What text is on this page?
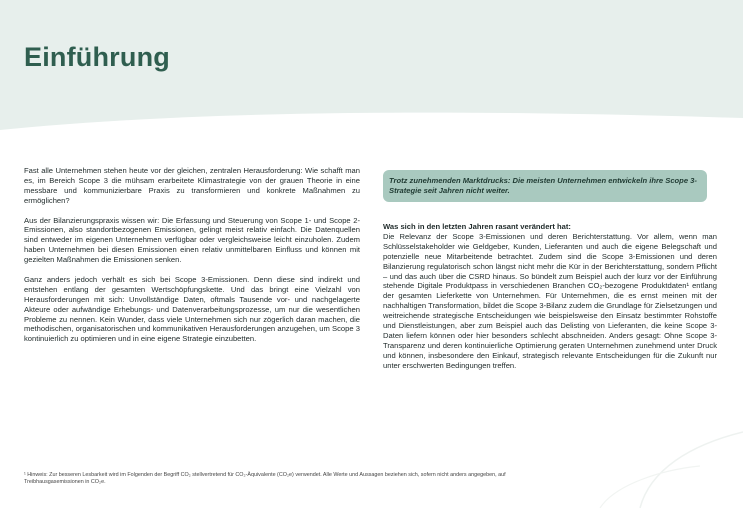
Einführung

Fast alle Unternehmen stehen heute vor der gleichen, zentralen Herausforderung: Wie schafft man es, im Bereich Scope 3 die mühsam erarbeitete Klimastrategie von der grauen Theorie in eine messbare und kommunizierbare Praxis zu transformieren und konkrete Maßnahmen zu ermöglichen?

Aus der Bilanzierungspraxis wissen wir: Die Erfassung und Steuerung von Scope 1- und Scope 2-Emissionen, also standortbezogenen Emissionen, gelingt meist relativ einfach. Die Datenquellen sind entweder im eigenen Unternehmen verfügbar oder vergleichsweise leicht einzuholen. Zudem haben Unternehmen bei diesen Emissionen einen relativ unmittelbaren Einfluss und können mit gezielten Maßnahmen die Emissionen senken.

Ganz anders jedoch verhält es sich bei Scope 3-Emissionen. Denn diese sind indirekt und entstehen entlang der gesamten Wertschöpfungskette. Und das bringt eine Vielzahl von Herausforderungen mit sich: Unvollständige Daten, oftmals Tausende vor- und nachgelagerte Akteure oder aufwändige Erhebungs- und Datenverarbeitungsprozesse, um nur die wesentlichen Probleme zu nennen. Kein Wunder, dass viele Unternehmen sich nur zögerlich daran machen, die methodischen, organisatorischen und kommunikativen Herausforderungen anzugehen, um Scope 3 kontinuierlich zu optimieren und in eine eigene Strategie einzubetten.

Trotz zunehmenden Marktdrucks: Die meisten Unternehmen entwickeln ihre Scope 3-Strategie seit Jahren nicht weiter.
Was sich in den letzten Jahren rasant verändert hat:

Die Relevanz der Scope 3-Emissionen und deren Berichterstattung. Vor allem, wenn man Schlüsselstakeholder wie Geldgeber, Kunden, Lieferanten und auch die eigene Belegschaft und potenzielle neue Mitarbeitende betrachtet. Zudem sind die Scope 3-Emissionen und deren Bilanzierung regulatorisch schon längst nicht mehr die Kür in der Berichterstattung, sondern Pflicht – und das auch über die CSRD hinaus. So bündelt zum Beispiel auch der kurz vor der Einführung stehende Digitale Produktpass in verschiedenen Branchen CO₂-bezogene Produktdaten¹ entlang der gesamten Lieferkette von Unternehmen. Für Unternehmen, die es ernst meinen mit der nachhaltigen Transformation, bildet die Scope 3-Bilanz zudem die Grundlage für Zielsetzungen und weitreichende strategische Entscheidungen wie beispielsweise den Einsatz bestimmter Rohstoffe und Dienstleistungen, aber zum Beispiel auch das Delisting von Lieferanten, die keine Scope 3-Daten liefern können oder hier besonders schlecht abschneiden. Anders gesagt: Ohne Scope 3-Transparenz und deren kontinuierliche Optimierung geraten Unternehmen zunehmend unter Druck und können, insbesondere den Einkauf, strategisch relevante Entscheidungen für die Zukunft nur unter erschwerten Bedingungen treffen.

¹ Hinweis: Zur besseren Lesbarkeit wird im Folgenden der Begriff CO₂ stellvertretend für CO₂-Äquivalente (CO₂e) verwendet. Alle Werte und Aussagen beziehen sich, sofern nicht anders angegeben, auf Treibhausgasemissionen in CO₂e.
